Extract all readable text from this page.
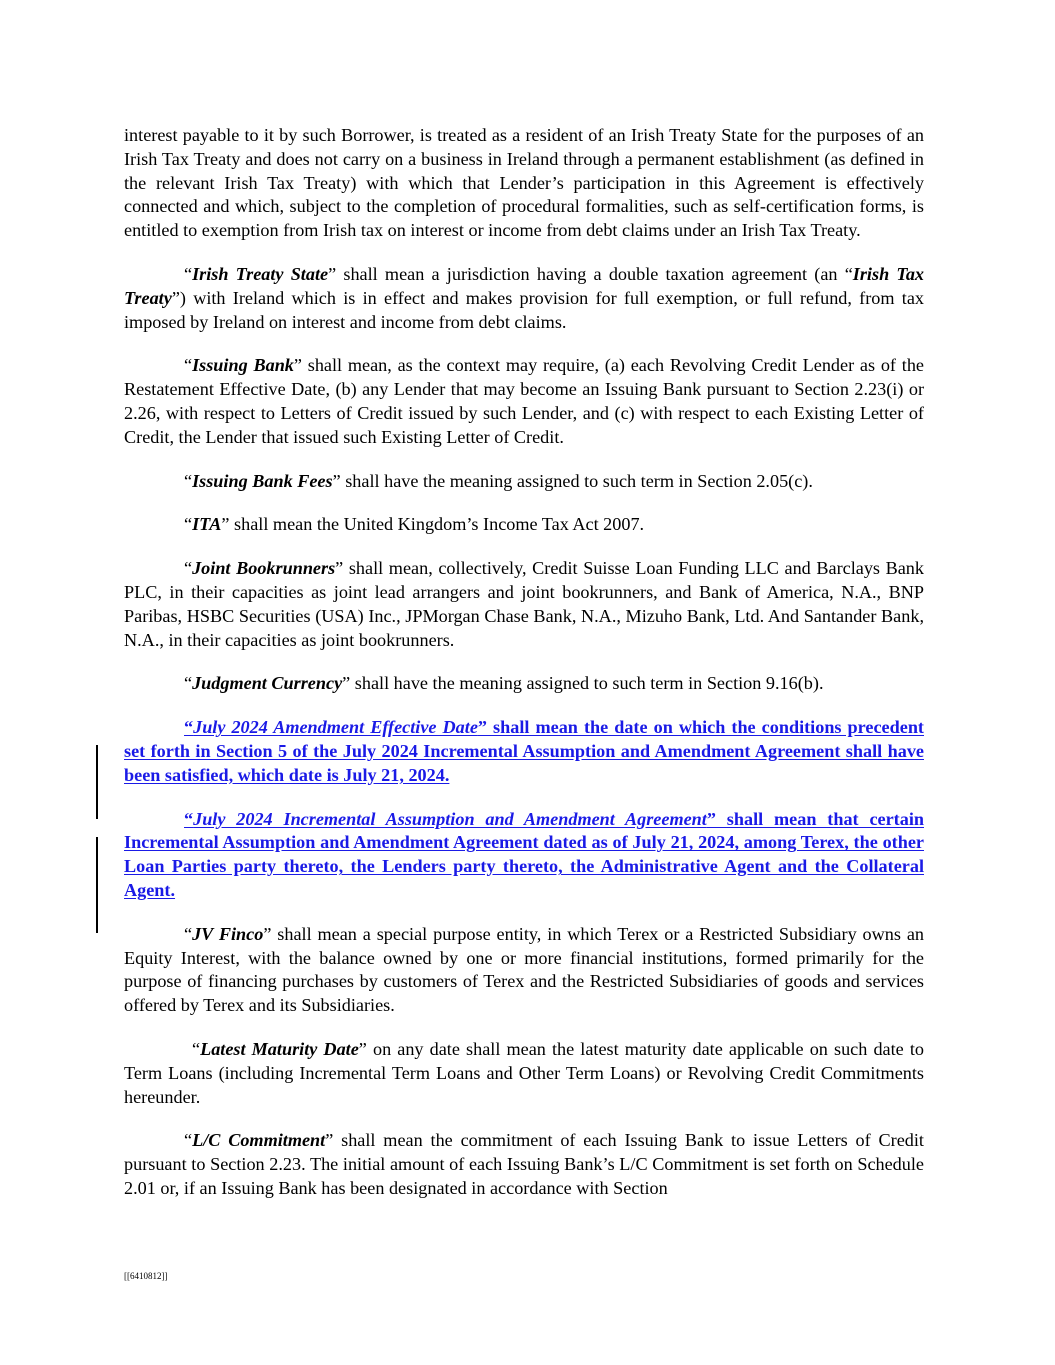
interest payable to it by such Borrower, is treated as a resident of an Irish Treaty State for the purposes of an Irish Tax Treaty and does not carry on a business in Ireland through a permanent establishment (as defined in the relevant Irish Tax Treaty) with which that Lender’s participation in this Agreement is effectively connected and which, subject to the completion of procedural formalities, such as self-certification forms, is entitled to exemption from Irish tax on interest or income from debt claims under an Irish Tax Treaty.

“Irish Treaty State” shall mean a jurisdiction having a double taxation agreement (an “Irish Tax Treaty”) with Ireland which is in effect and makes provision for full exemption, or full refund, from tax imposed by Ireland on interest and income from debt claims.

“Issuing Bank” shall mean, as the context may require, (a) each Revolving Credit Lender as of the Restatement Effective Date, (b) any Lender that may become an Issuing Bank pursuant to Section 2.23(i) or 2.26, with respect to Letters of Credit issued by such Lender, and (c) with respect to each Existing Letter of Credit, the Lender that issued such Existing Letter of Credit.

“Issuing Bank Fees” shall have the meaning assigned to such term in Section 2.05(c).

“ITA” shall mean the United Kingdom’s Income Tax Act 2007.

“Joint Bookrunners” shall mean, collectively, Credit Suisse Loan Funding LLC and Barclays Bank PLC, in their capacities as joint lead arrangers and joint bookrunners, and Bank of America, N.A., BNP Paribas, HSBC Securities (USA) Inc., JPMorgan Chase Bank, N.A., Mizuho Bank, Ltd. And Santander Bank, N.A., in their capacities as joint bookrunners.

“Judgment Currency” shall have the meaning assigned to such term in Section 9.16(b).

“July 2024 Amendment Effective Date” shall mean the date on which the conditions precedent set forth in Section 5 of the July 2024 Incremental Assumption and Amendment Agreement shall have been satisfied, which date is July 21, 2024.

“July 2024 Incremental Assumption and Amendment Agreement” shall mean that certain Incremental Assumption and Amendment Agreement dated as of July 21, 2024, among Terex, the other Loan Parties party thereto, the Lenders party thereto, the Administrative Agent and the Collateral Agent.

“JV Finco” shall mean a special purpose entity, in which Terex or a Restricted Subsidiary owns an Equity Interest, with the balance owned by one or more financial institutions, formed primarily for the purpose of financing purchases by customers of Terex and the Restricted Subsidiaries of goods and services offered by Terex and its Subsidiaries.

“Latest Maturity Date” on any date shall mean the latest maturity date applicable on such date to Term Loans (including Incremental Term Loans and Other Term Loans) or Revolving Credit Commitments hereunder.

“L/C Commitment” shall mean the commitment of each Issuing Bank to issue Letters of Credit pursuant to Section 2.23. The initial amount of each Issuing Bank’s L/C Commitment is set forth on Schedule 2.01 or, if an Issuing Bank has been designated in accordance with Section

[[6410812]]
